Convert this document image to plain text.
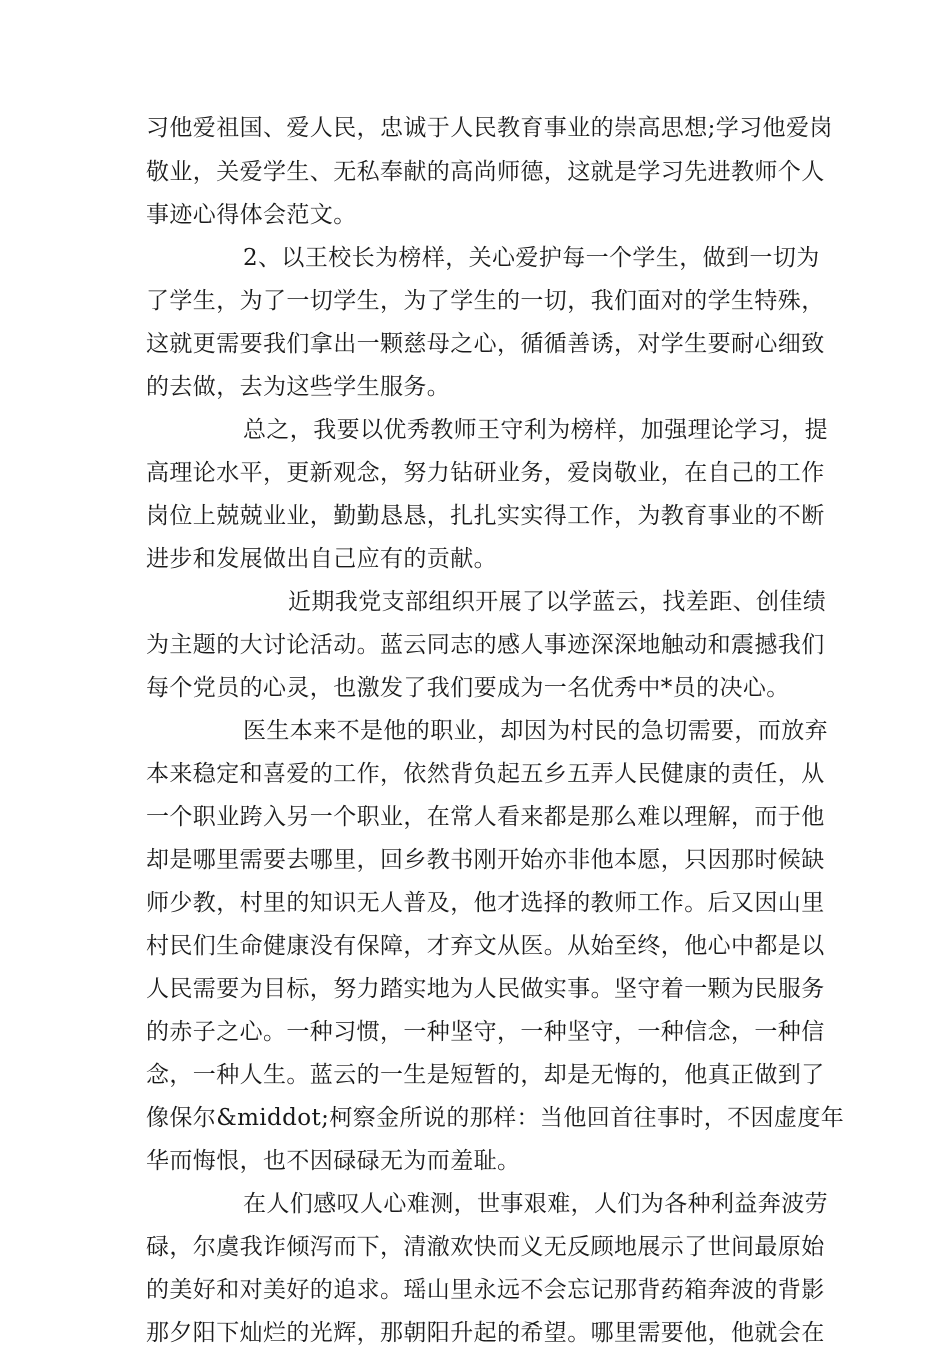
习他爱祖国、爱人民，忠诚于人民教育事业的崇高思想;学习他爱岗
敬业，关爱学生、无私奉献的高尚师德，这就是学习先进教师个人
事迹心得体会范文。
2、以王校长为榜样，关心爱护每一个学生，做到一切为
了学生，为了一切学生，为了学生的一切，我们面对的学生特殊，
这就更需要我们拿出一颗慈母之心，循循善诱，对学生要耐心细致
的去做，去为这些学生服务。
总之，我要以优秀教师王守利为榜样，加强理论学习，提
高理论水平，更新观念，努力钻研业务，爱岗敬业，在自己的工作
岗位上兢兢业业，勤勤恳恳，扎扎实实得工作，为教育事业的不断
进步和发展做出自己应有的贡献。
近期我党支部组织开展了以学蓝云，找差距、创佳绩
为主题的大讨论活动。蓝云同志的感人事迹深深地触动和震撼我们
每个党员的心灵，也激发了我们要成为一名优秀中*员的决心。
医生本来不是他的职业，却因为村民的急切需要，而放弃
本来稳定和喜爱的工作，依然背负起五乡五弄人民健康的责任，从
一个职业跨入另一个职业，在常人看来都是那么难以理解，而于他
却是哪里需要去哪里，回乡教书刚开始亦非他本愿，只因那时候缺
师少教，村里的知识无人普及，他才选择的教师工作。后又因山里
村民们生命健康没有保障，才弃文从医。从始至终，他心中都是以
人民需要为目标，努力踏实地为人民做实事。坚守着一颗为民服务
的赤子之心。一种习惯，一种坚守，一种坚守，一种信念，一种信
念，一种人生。蓝云的一生是短暂的，却是无悔的，他真正做到了
像保尔&middot;柯察金所说的那样：当他回首往事时，不因虚度年
华而悔恨，也不因碌碌无为而羞耻。
在人们感叹人心难测，世事艰难，人们为各种利益奔波劳
碌，尔虞我诈倾泻而下，清澈欢快而义无反顾地展示了世间最原始
的美好和对美好的追求。瑶山里永远不会忘记那背药箱奔波的背影
那夕阳下灿烂的光辉，那朝阳升起的希望。哪里需要他，他就会在
